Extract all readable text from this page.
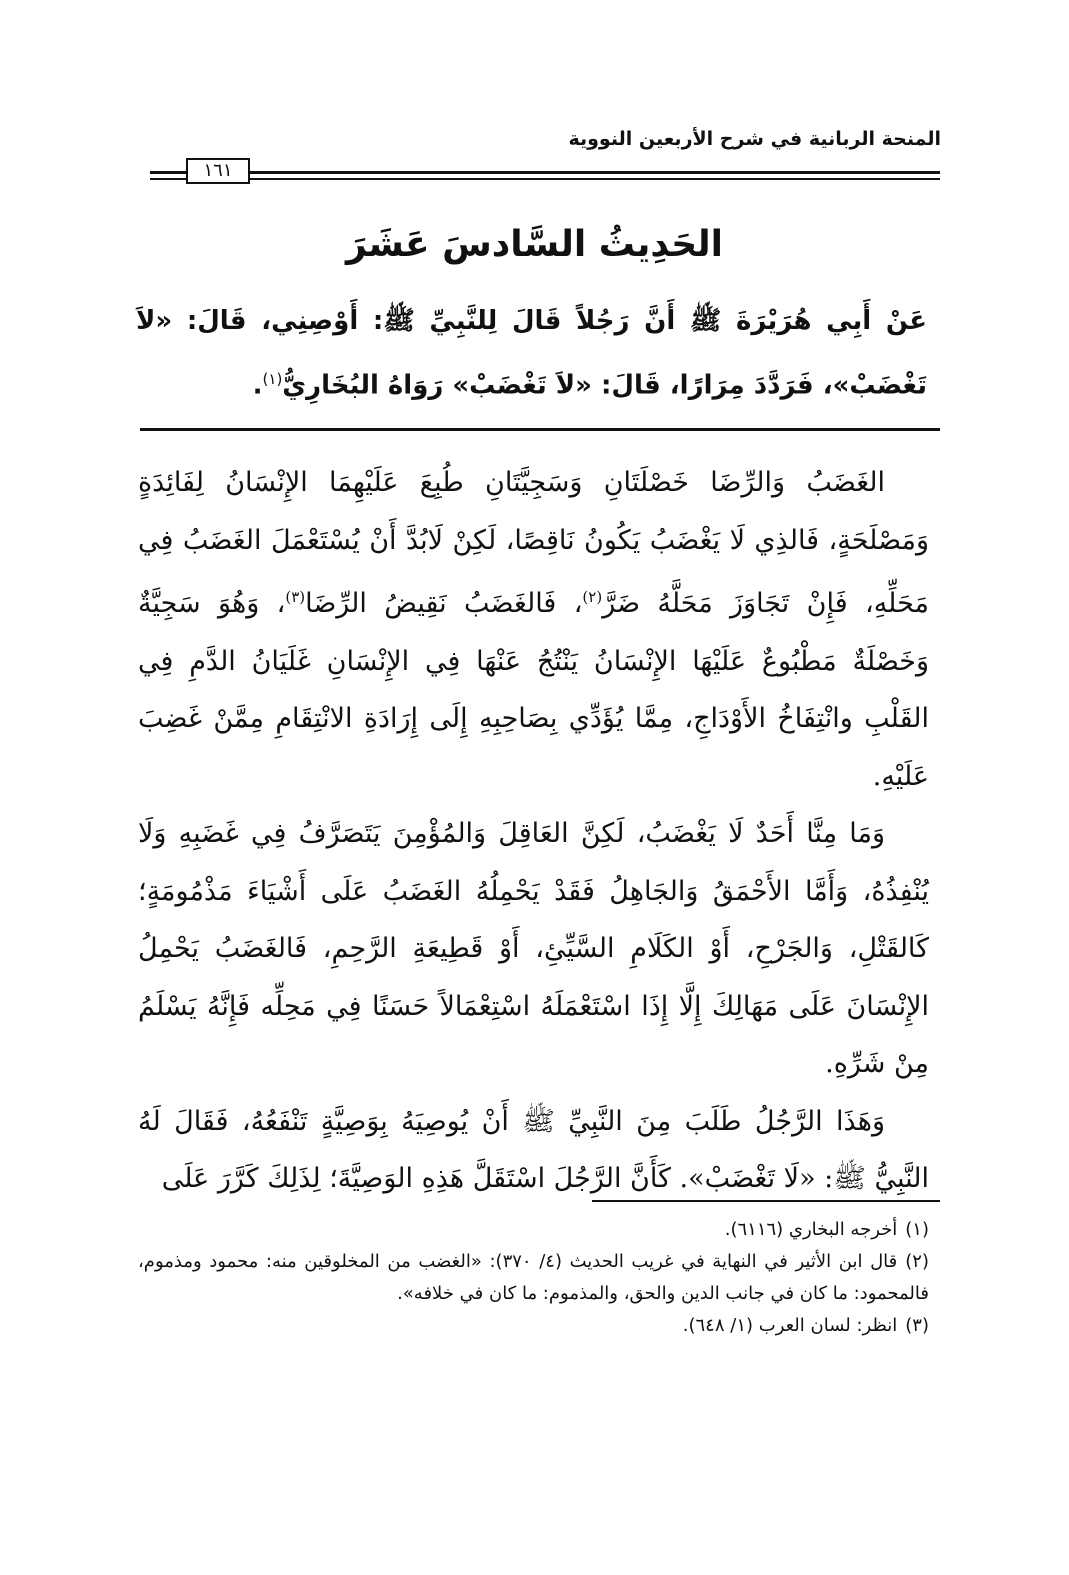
المنحة الربانية في شرح الأربعين النووية
١٦١
الحَدِيثُ السَّادسَ عَشَرَ
عَنْ أَبِي هُرَيْرَةَ ﷺ أَنَّ رَجُلاً قَالَ لِلنَّبِيِّ ﷺ: أَوْصِنِي، قَالَ: «لاَ تَغْضَبْ»، فَرَدَّدَ مِرَارًا، قَالَ: «لاَ تَغْضَبْ» رَوَاهُ البُخَارِيُّ$^{(١)}$.

الغَضَبُ وَالرِّضَا خَصْلَتَانِ وَسَجِيَّتَانِ طُبِعَ عَلَيْهِمَا الإِنْسَانُ لِفَائِدَةٍ وَمَصْلَحَةٍ، فَالذِي لَا يَغْضَبُ يَكُونُ نَاقِصًا، لَكِنْ لَابُدَّ أَنْ يُسْتَعْمَلَ الغَضَبُ فِي مَحَلِّهِ، فَإِنْ تَجَاوَزَ مَحَلَّهُ ضَرَّ$^{(٢)}$، فَالغَضَبُ نَقِيضُ الرِّضَا$^{(٣)}$، وَهُوَ سَجِيَّةٌ وَخَصْلَةٌ مَطْبُوعٌ عَلَيْهَا الإِنْسَانُ يَنْتُجُ عَنْهَا فِي الإِنْسَانِ غَلَيَانُ الدَّمِ فِي القَلْبِ وانْتِفَاخُ الأَوْدَاجِ، مِمَّا يُؤَدِّي بِصَاحِبِهِ إِلَى إِرَادَةِ الانْتِقَامِ مِمَّنْ غَضِبَ عَلَيْهِ.

وَمَا مِنَّا أَحَدٌ لَا يَغْضَبُ، لَكِنَّ العَاقِلَ وَالمُؤْمِنَ يَتَصَرَّفُ فِي غَضَبِهِ وَلَا يُنْفِذُهُ، وَأَمَّا الأَحْمَقُ وَالجَاهِلُ فَقَدْ يَحْمِلُهُ الغَضَبُ عَلَى أَشْيَاءَ مَذْمُومَةٍ؛ كَالقَتْلِ، وَالجَرْحِ، أَوْ الكَلَامِ السَّيِّئِ، أَوْ قَطِيعَةِ الرَّحِمِ، فَالغَضَبُ يَحْمِلُ الإِنْسَانَ عَلَى مَهَالِكَ إِلَّا إِذَا اسْتَعْمَلَهُ اسْتِعْمَالاً حَسَنًا فِي مَحِلِّه فَإِنَّهُ يَسْلَمُ مِنْ شَرِّهِ.

وَهَذَا الرَّجُلُ طَلَبَ مِنَ النَّبِيِّ ﷺ أَنْ يُوصِيَهُ بِوَصِيَّةٍ تَنْفَعُهُ، فَقَالَ لَهُ النَّبِيُّ ﷺ: «لَا تَغْضَبْ». كَأَنَّ الرَّجُلَ اسْتَقَلَّ هَذِهِ الوَصِيَّةَ؛ لِذَلِكَ كَرَّرَ عَلَى

(١)أخرجه البخاري (٦١١٦).

(٢)قال ابن الأثير في النهاية في غريب الحديث (٤/ ٣٧٠): «الغضب من المخلوقين منه: محمود ومذموم، فالمحمود: ما كان في جانب الدين والحق، والمذموم: ما كان في خلافه».

(٣)انظر: لسان العرب (١/ ٦٤٨).
